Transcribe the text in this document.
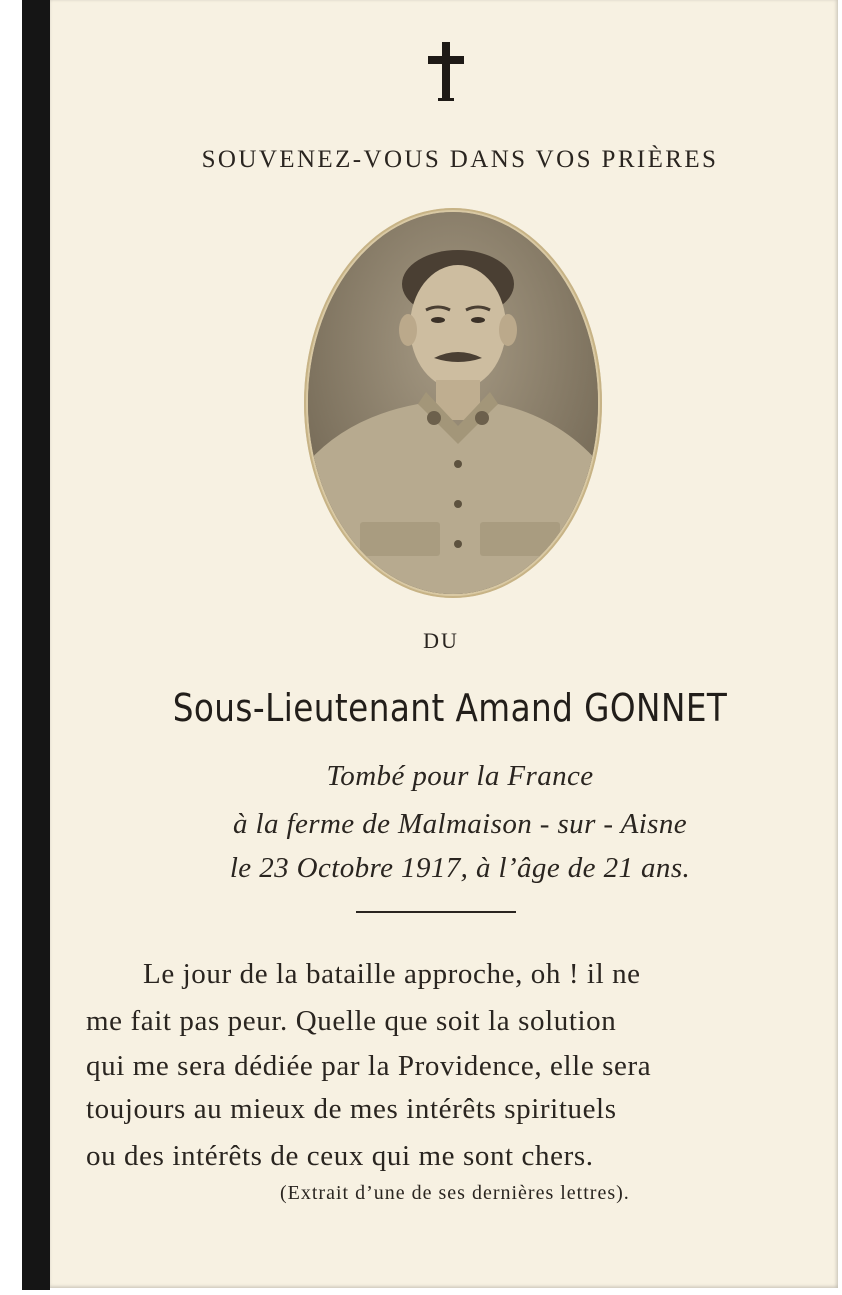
SOUVENEZ-VOUS DANS VOS PRIÈRES
DU
Sous-Lieutenant Amand GONNET
Tombé pour la France
à la ferme de Malmaison - sur - Aisne
le 23 Octobre 1917, à l’âge de 21 ans.
Le jour de la bataille approche, oh ! il ne
me fait pas peur. Quelle que soit la solution
qui me sera dédiée par la Providence, elle sera
toujours au mieux de mes intérêts spirituels
ou des intérêts de ceux qui me sont chers.
(Extrait d’une de ses dernières lettres).
